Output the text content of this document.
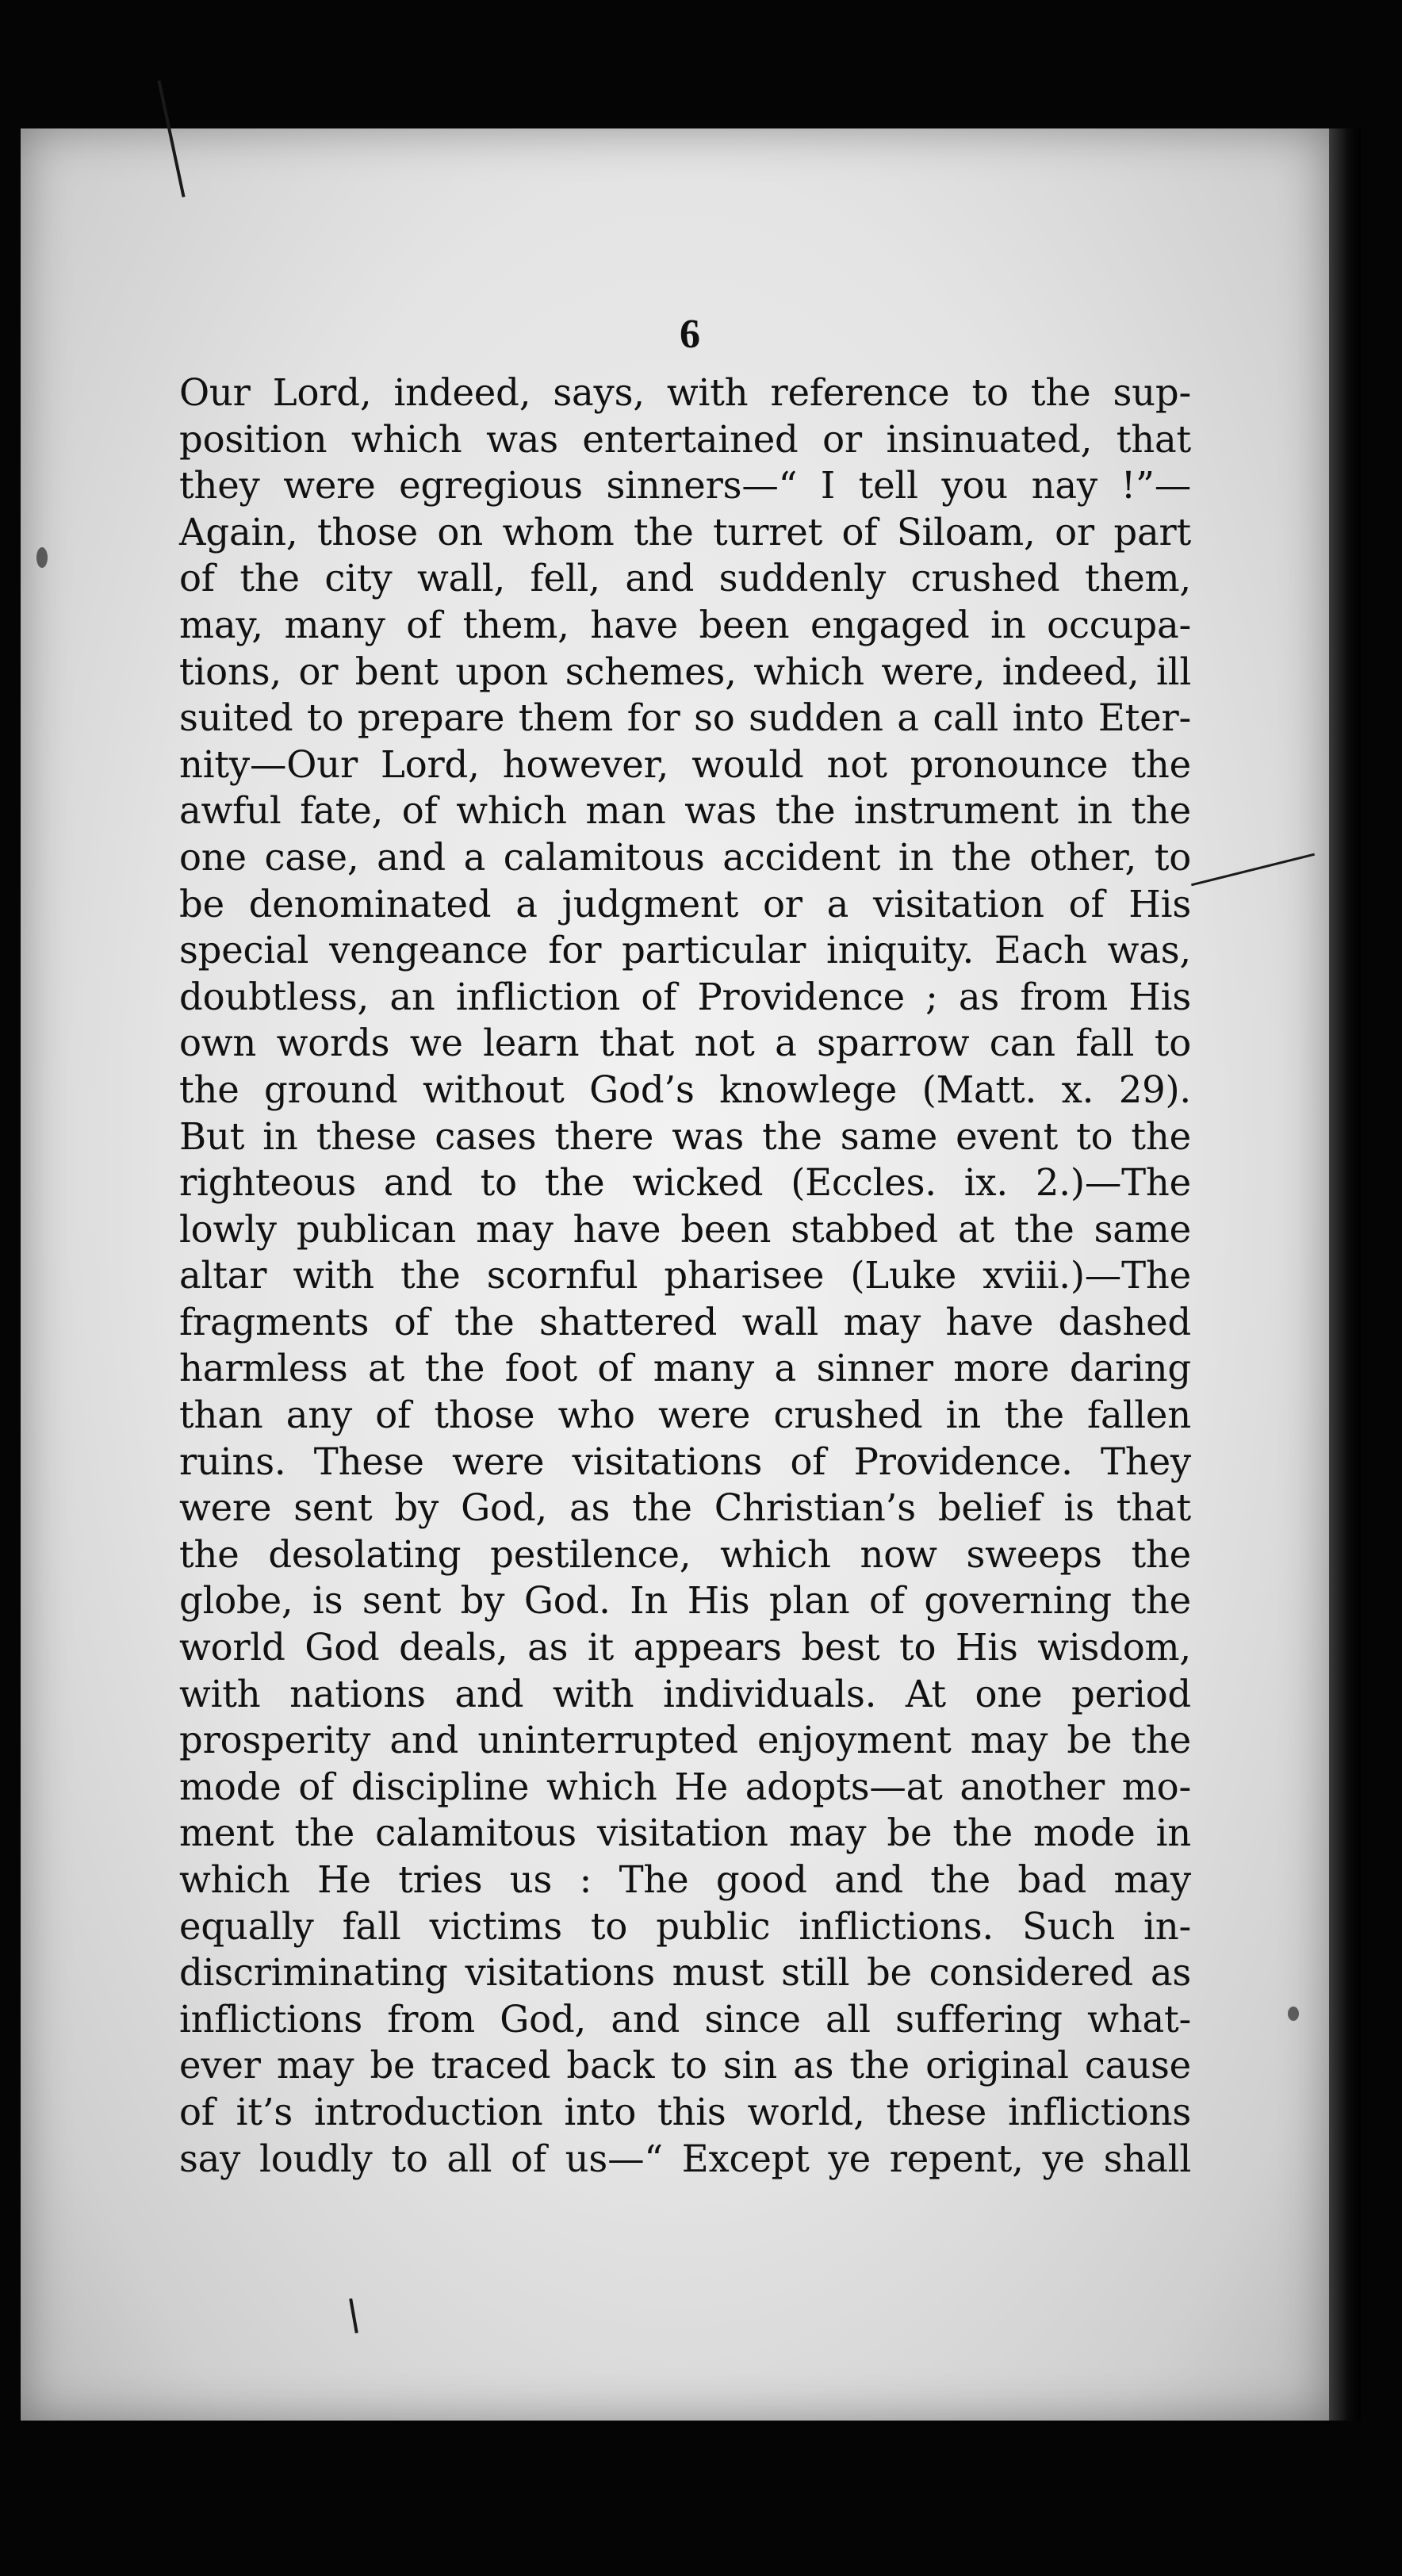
6
Our Lord, indeed, says, with reference to the sup-
position which was entertained or insinuated, that
they were egregious sinners—“ I tell you nay !”—
Again, those on whom the turret of Siloam, or part
of the city wall, fell, and suddenly crushed them,
may, many of them, have been engaged in occupa-
tions, or bent upon schemes, which were, indeed, ill
suited to prepare them for so sudden a call into Eter-
nity—Our Lord, however, would not pronounce the
awful fate, of which man was the instrument in the
one case, and a calamitous accident in the other, to
be denominated a judgment or a visitation of His
special vengeance for particular iniquity. Each was,
doubtless, an infliction of Providence ; as from His
own words we learn that not a sparrow can fall to
the ground without God’s knowlege (Matt. x. 29).
But in these cases there was the same event to the
righteous and to the wicked (Eccles. ix. 2.)—The
lowly publican may have been stabbed at the same
altar with the scornful pharisee (Luke xviii.)—The
fragments of the shattered wall may have dashed
harmless at the foot of many a sinner more daring
than any of those who were crushed in the fallen
ruins. These were visitations of Providence. They
were sent by God, as the Christian’s belief is that
the desolating pestilence, which now sweeps the
globe, is sent by God. In His plan of governing the
world God deals, as it appears best to His wisdom,
with nations and with individuals. At one period
prosperity and uninterrupted enjoyment may be the
mode of discipline which He adopts—at another mo-
ment the calamitous visitation may be the mode in
which He tries us : The good and the bad may
equally fall victims to public inflictions. Such in-
discriminating visitations must still be considered as
inflictions from God, and since all suffering what-
ever may be traced back to sin as the original cause
of it’s introduction into this world, these inflictions
say loudly to all of us—“ Except ye repent, ye shall
